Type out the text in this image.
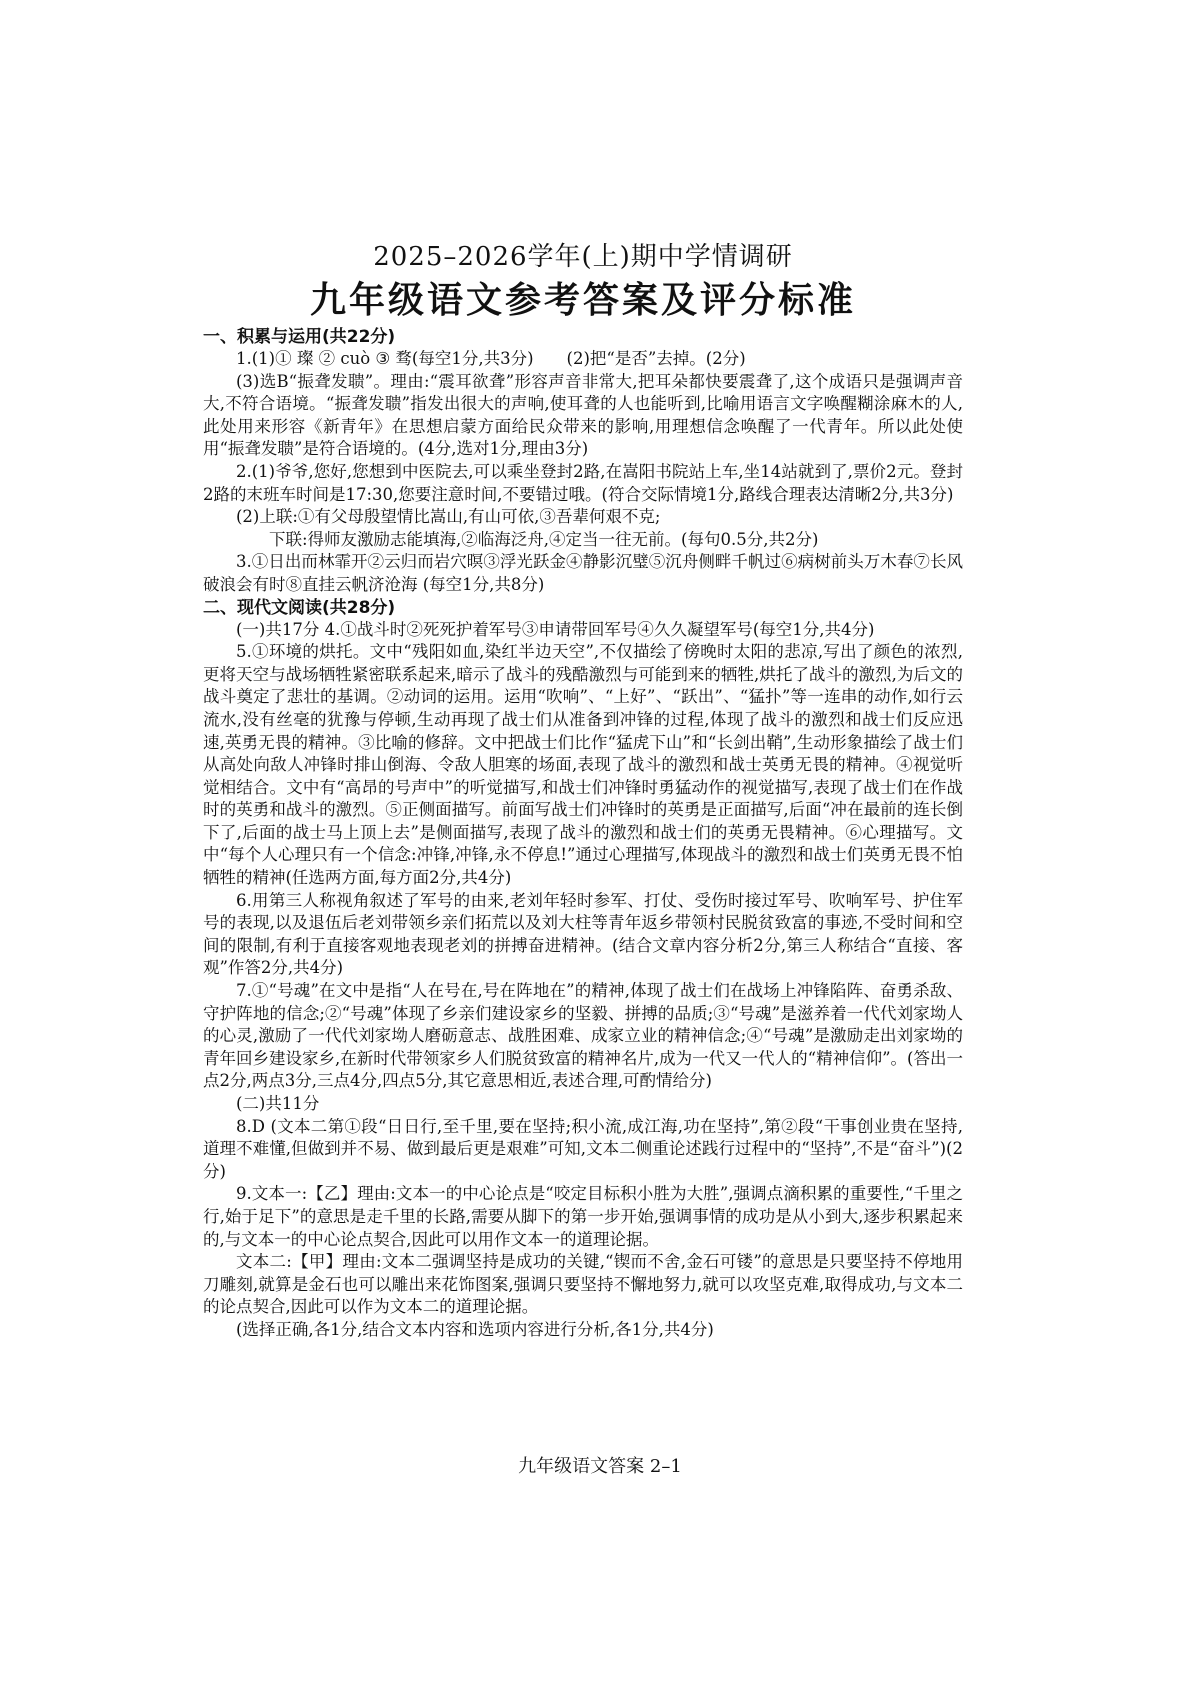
2025–2026学年(上)期中学情调研
九年级语文参考答案及评分标准
一、积累与运用(共22分)

1.(1)① 璨 ② cuò ③ 骛(每空1分,共3分)　　(2)把“是否”去掉。(2分)

(3)选B“振聋发聩”。理由:“震耳欲聋”形容声音非常大,把耳朵都快要震聋了,这个成语只是强调声音大,不符合语境。“振聋发聩”指发出很大的声响,使耳聋的人也能听到,比喻用语言文字唤醒糊涂麻木的人,此处用来形容《新青年》在思想启蒙方面给民众带来的影响,用理想信念唤醒了一代青年。所以此处使用“振聋发聩”是符合语境的。(4分,选对1分,理由3分)

2.(1)爷爷,您好,您想到中医院去,可以乘坐登封2路,在嵩阳书院站上车,坐14站就到了,票价2元。登封2路的末班车时间是17:30,您要注意时间,不要错过哦。(符合交际情境1分,路线合理表达清晰2分,共3分)

(2)上联:①有父母殷望情比嵩山,有山可依,③吾辈何艰不克;

下联:得师友激励志能填海,②临海泛舟,④定当一往无前。(每句0.5分,共2分)

3.①日出而林霏开②云归而岩穴暝③浮光跃金④静影沉璧⑤沉舟侧畔千帆过⑥病树前头万木春⑦长风破浪会有时⑧直挂云帆济沧海 (每空1分,共8分)

二、现代文阅读(共28分)

(一)共17分 4.①战斗时②死死护着军号③申请带回军号④久久凝望军号(每空1分,共4分)

5.①环境的烘托。文中“残阳如血,染红半边天空”,不仅描绘了傍晚时太阳的悲凉,写出了颜色的浓烈,更将天空与战场牺牲紧密联系起来,暗示了战斗的残酷激烈与可能到来的牺牲,烘托了战斗的激烈,为后文的战斗奠定了悲壮的基调。②动词的运用。运用“吹响”、“上好”、“跃出”、“猛扑”等一连串的动作,如行云流水,没有丝毫的犹豫与停顿,生动再现了战士们从准备到冲锋的过程,体现了战斗的激烈和战士们反应迅速,英勇无畏的精神。③比喻的修辞。文中把战士们比作“猛虎下山”和“长剑出鞘”,生动形象描绘了战士们从高处向敌人冲锋时排山倒海、令敌人胆寒的场面,表现了战斗的激烈和战士英勇无畏的精神。④视觉听觉相结合。文中有“高昂的号声中”的听觉描写,和战士们冲锋时勇猛动作的视觉描写,表现了战士们在作战时的英勇和战斗的激烈。⑤正侧面描写。前面写战士们冲锋时的英勇是正面描写,后面“冲在最前的连长倒下了,后面的战士马上顶上去”是侧面描写,表现了战斗的激烈和战士们的英勇无畏精神。⑥心理描写。文中“每个人心理只有一个信念:冲锋,冲锋,永不停息!”通过心理描写,体现战斗的激烈和战士们英勇无畏不怕牺牲的精神(任选两方面,每方面2分,共4分)

6.用第三人称视角叙述了军号的由来,老刘年轻时参军、打仗、受伤时接过军号、吹响军号、护住军号的表现,以及退伍后老刘带领乡亲们拓荒以及刘大柱等青年返乡带领村民脱贫致富的事迹,不受时间和空间的限制,有利于直接客观地表现老刘的拼搏奋进精神。(结合文章内容分析2分,第三人称结合“直接、客观”作答2分,共4分)

7.①“号魂”在文中是指“人在号在,号在阵地在”的精神,体现了战士们在战场上冲锋陷阵、奋勇杀敌、守护阵地的信念;②“号魂”体现了乡亲们建设家乡的坚毅、拼搏的品质;③“号魂”是滋养着一代代刘家坳人的心灵,激励了一代代刘家坳人磨砺意志、战胜困难、成家立业的精神信念;④“号魂”是激励走出刘家坳的青年回乡建设家乡,在新时代带领家乡人们脱贫致富的精神名片,成为一代又一代人的“精神信仰”。(答出一点2分,两点3分,三点4分,四点5分,其它意思相近,表述合理,可酌情给分)

(二)共11分

8.D (文本二第①段“日日行,至千里,要在坚持;积小流,成江海,功在坚持”,第②段“干事创业贵在坚持,道理不难懂,但做到并不易、做到最后更是艰难”可知,文本二侧重论述践行过程中的“坚持”,不是“奋斗”)(2分)

9.文本一:【乙】理由:文本一的中心论点是“咬定目标积小胜为大胜”,强调点滴积累的重要性,“千里之行,始于足下”的意思是走千里的长路,需要从脚下的第一步开始,强调事情的成功是从小到大,逐步积累起来的,与文本一的中心论点契合,因此可以用作文本一的道理论据。

文本二:【甲】理由:文本二强调坚持是成功的关键,“锲而不舍,金石可镂”的意思是只要坚持不停地用刀雕刻,就算是金石也可以雕出来花饰图案,强调只要坚持不懈地努力,就可以攻坚克难,取得成功,与文本二的论点契合,因此可以作为文本二的道理论据。

(选择正确,各1分,结合文本内容和选项内容进行分析,各1分,共4分)

九年级语文答案 2–1
